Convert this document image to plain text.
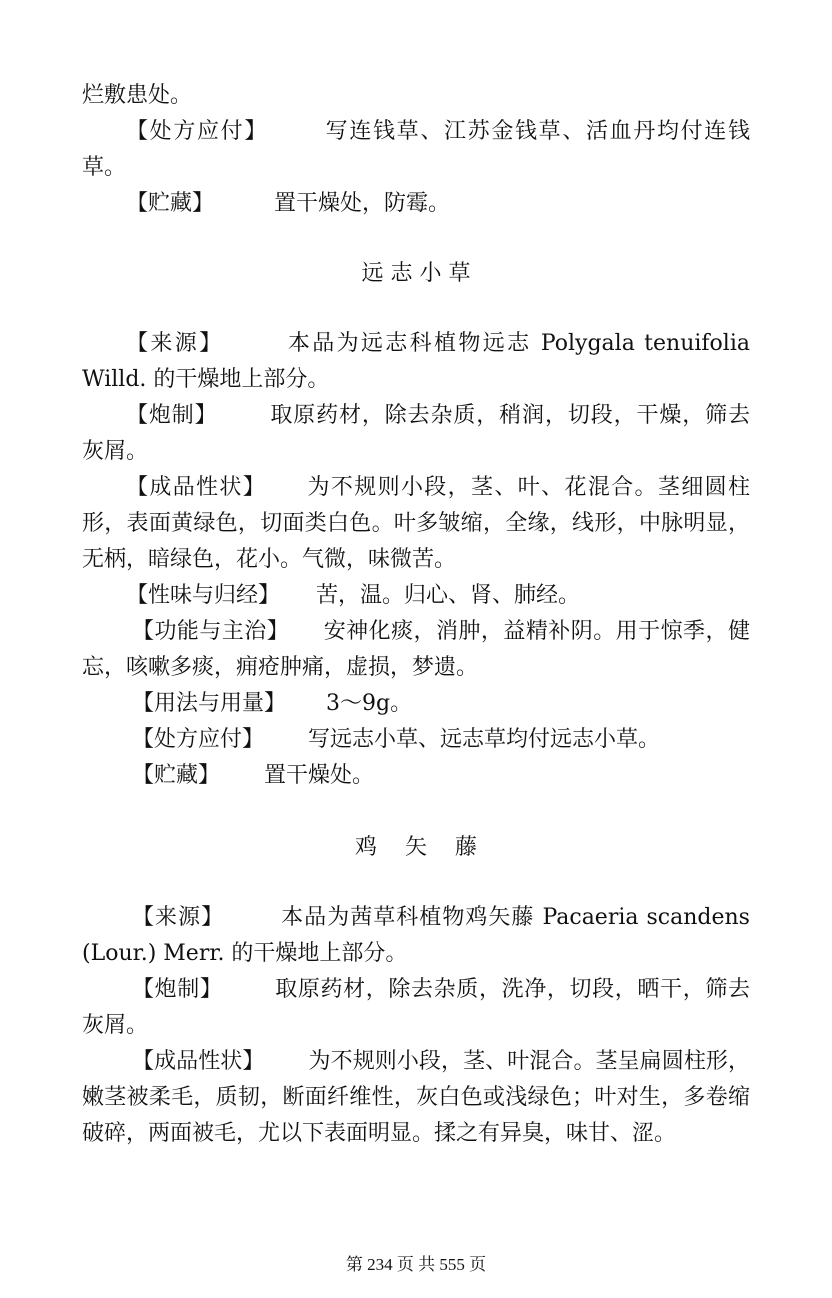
烂敷患处。

【处方应付】	写连钱草、江苏金钱草、活血丹均付连钱草。

【贮藏】	置干燥处，防霉。

远 志 小 草

【来源】	本品为远志科植物远志 Polygala tenuifolia Willd. 的干燥地上部分。

【炮制】 取原药材，除去杂质，稍润，切段，干燥，筛去灰屑。

【成品性状】 为不规则小段，茎、叶、花混合。茎细圆柱形，表面黄绿色，切面类白色。叶多皱缩，全缘，线形，中脉明显，无柄，暗绿色，花小。气微，味微苦。

【性味与归经】 苦，温。归心、肾、肺经。

【功能与主治】 安神化痰，消肿，益精补阴。用于惊季，健忘，咳嗽多痰，痈疮肿痛，虚损，梦遗。

【用法与用量】 3～9g。

【处方应付】 写远志小草、远志草均付远志小草。

【贮藏】 置干燥处。

鸡    矢    藤

【来源】	本品为茜草科植物鸡矢藤 Pacaeria scandens (Lour.) Merr. 的干燥地上部分。

【炮制】 取原药材，除去杂质，洗净，切段，晒干，筛去灰屑。

【成品性状】 为不规则小段，茎、叶混合。茎呈扁圆柱形，嫩茎被柔毛，质韧，断面纤维性，灰白色或浅绿色；叶对生，多卷缩破碎，两面被毛，尤以下表面明显。揉之有异臭，味甘、涩。

第 234 页 共 555 页
